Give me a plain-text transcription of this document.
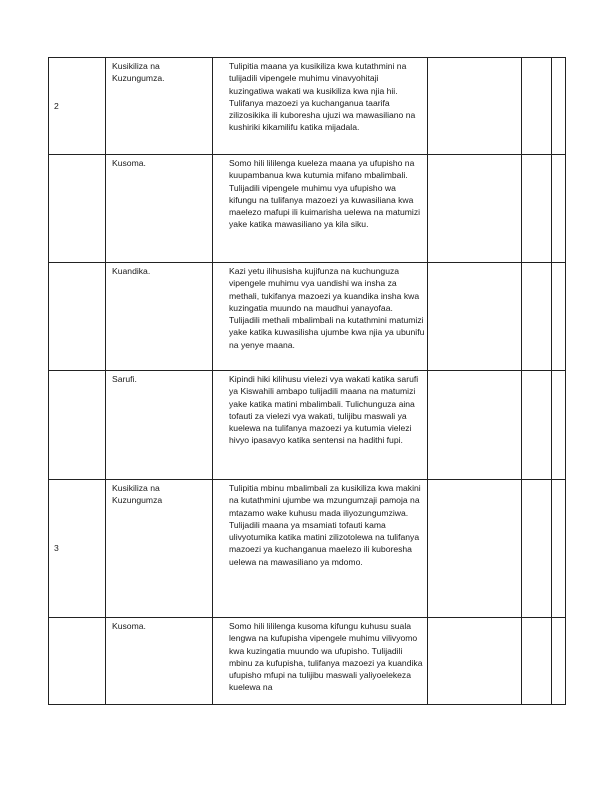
2	Kusikiliza na Kuzungumza.	Tulipitia maana ya kusikiliza kwa kutathmini na tulijadili vipengele muhimu vinavyohitaji kuzingatiwa wakati wa kusikiliza kwa njia hii. Tulifanya mazoezi ya kuchanganua taarifa zilizosikika ili kuboresha ujuzi wa mawasiliano na kushiriki kikamilifu katika mijadala.			
	Kusoma.	Somo hili lililenga kueleza maana ya ufupisho na kuupambanua kwa kutumia mifano mbalimbali. Tulijadili vipengele muhimu vya ufupisho wa kifungu na tulifanya mazoezi ya kuwasiliana kwa maelezo mafupi ili kuimarisha uelewa na matumizi yake katika mawasiliano ya kila siku.			
	Kuandika.	Kazi yetu ilihusisha kujifunza na kuchunguza vipengele muhimu vya uandishi wa insha za methali, tukifanya mazoezi ya kuandika insha kwa kuzingatia muundo na maudhui yanayofaa. Tulijadili methali mbalimbali na kutathmini matumizi yake katika kuwasilisha ujumbe kwa njia ya ubunifu na yenye maana.			
	Sarufi.	Kipindi hiki kilihusu vielezi vya wakati katika sarufi ya Kiswahili ambapo tulijadili maana na matumizi yake katika matini mbalimbali. Tulichunguza aina tofauti za vielezi vya wakati, tulijibu maswali ya kuelewa na tulifanya mazoezi ya kutumia vielezi hivyo ipasavyo katika sentensi na hadithi fupi.			
3	Kusikiliza na Kuzungumza	Tulipitia mbinu mbalimbali za kusikiliza kwa makini na kutathmini ujumbe wa mzungumzaji pamoja na mtazamo wake kuhusu mada iliyozungumziwa. Tulijadili maana ya msamiati tofauti kama ulivyotumika katika matini zilizotolewa na tulifanya mazoezi ya kuchanganua maelezo ili kuboresha uelewa na mawasiliano ya mdomo.			
	Kusoma.	Somo hili lililenga kusoma kifungu kuhusu suala lengwa na kufupisha vipengele muhimu vilivyomo kwa kuzingatia muundo wa ufupisho. Tulijadili mbinu za kufupisha, tulifanya mazoezi ya kuandika ufupisho mfupi na tulijibu maswali yaliyoelekeza kuelewa na			
